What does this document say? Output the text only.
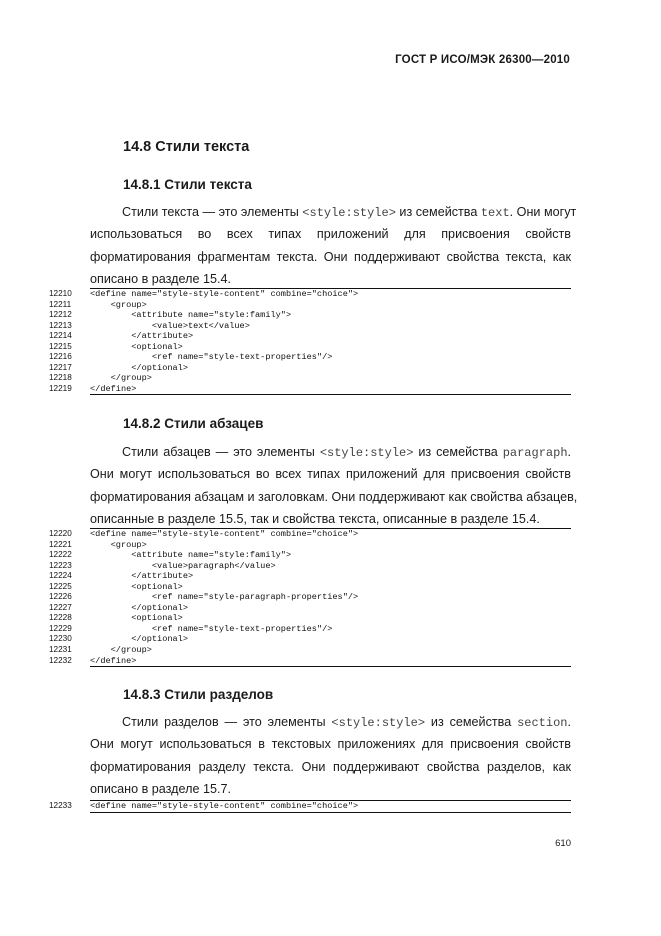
ГОСТ Р ИСО/МЭК 26300—2010
14.8 Стили текста
14.8.1 Стили текста
Стили текста — это элементы <style:style> из семейства text. Они могут
использоваться во всех типах приложений для присвоения свойств
форматирования фрагментам текста. Они поддерживают свойства текста, как
описано в разделе 15.4.
12210	<define name="style-style-content" combine="choice">
12211	<group>
12212	<attribute name="style:family">
12213	<value>text</value>
12214	</attribute>
12215	<optional>
12216	<ref name="style-text-properties"/>
12217	</optional>
12218	</group>
12219	</define>
14.8.2 Стили абзацев
Стили абзацев — это элементы <style:style> из семейства paragraph.
Они могут использоваться во всех типах приложений для присвоения свойств
форматирования абзацам и заголовкам. Они поддерживают как свойства абзацев,
описанные в разделе 15.5, так и свойства текста, описанные в разделе 15.4.
12220	<define name="style-style-content" combine="choice">
12221	<group>
12222	<attribute name="style:family">
12223	<value>paragraph</value>
12224	</attribute>
12225	<optional>
12226	<ref name="style-paragraph-properties"/>
12227	</optional>
12228	<optional>
12229	<ref name="style-text-properties"/>
12230	</optional>
12231	</group>
12232	</define>
14.8.3 Стили разделов
Стили разделов — это элементы <style:style> из семейства section.
Они могут использоваться в текстовых приложениях для присвоения свойств
форматирования разделу текста. Они поддерживают свойства разделов, как
описано в разделе 15.7.
12233	<define name="style-style-content" combine="choice">
610
